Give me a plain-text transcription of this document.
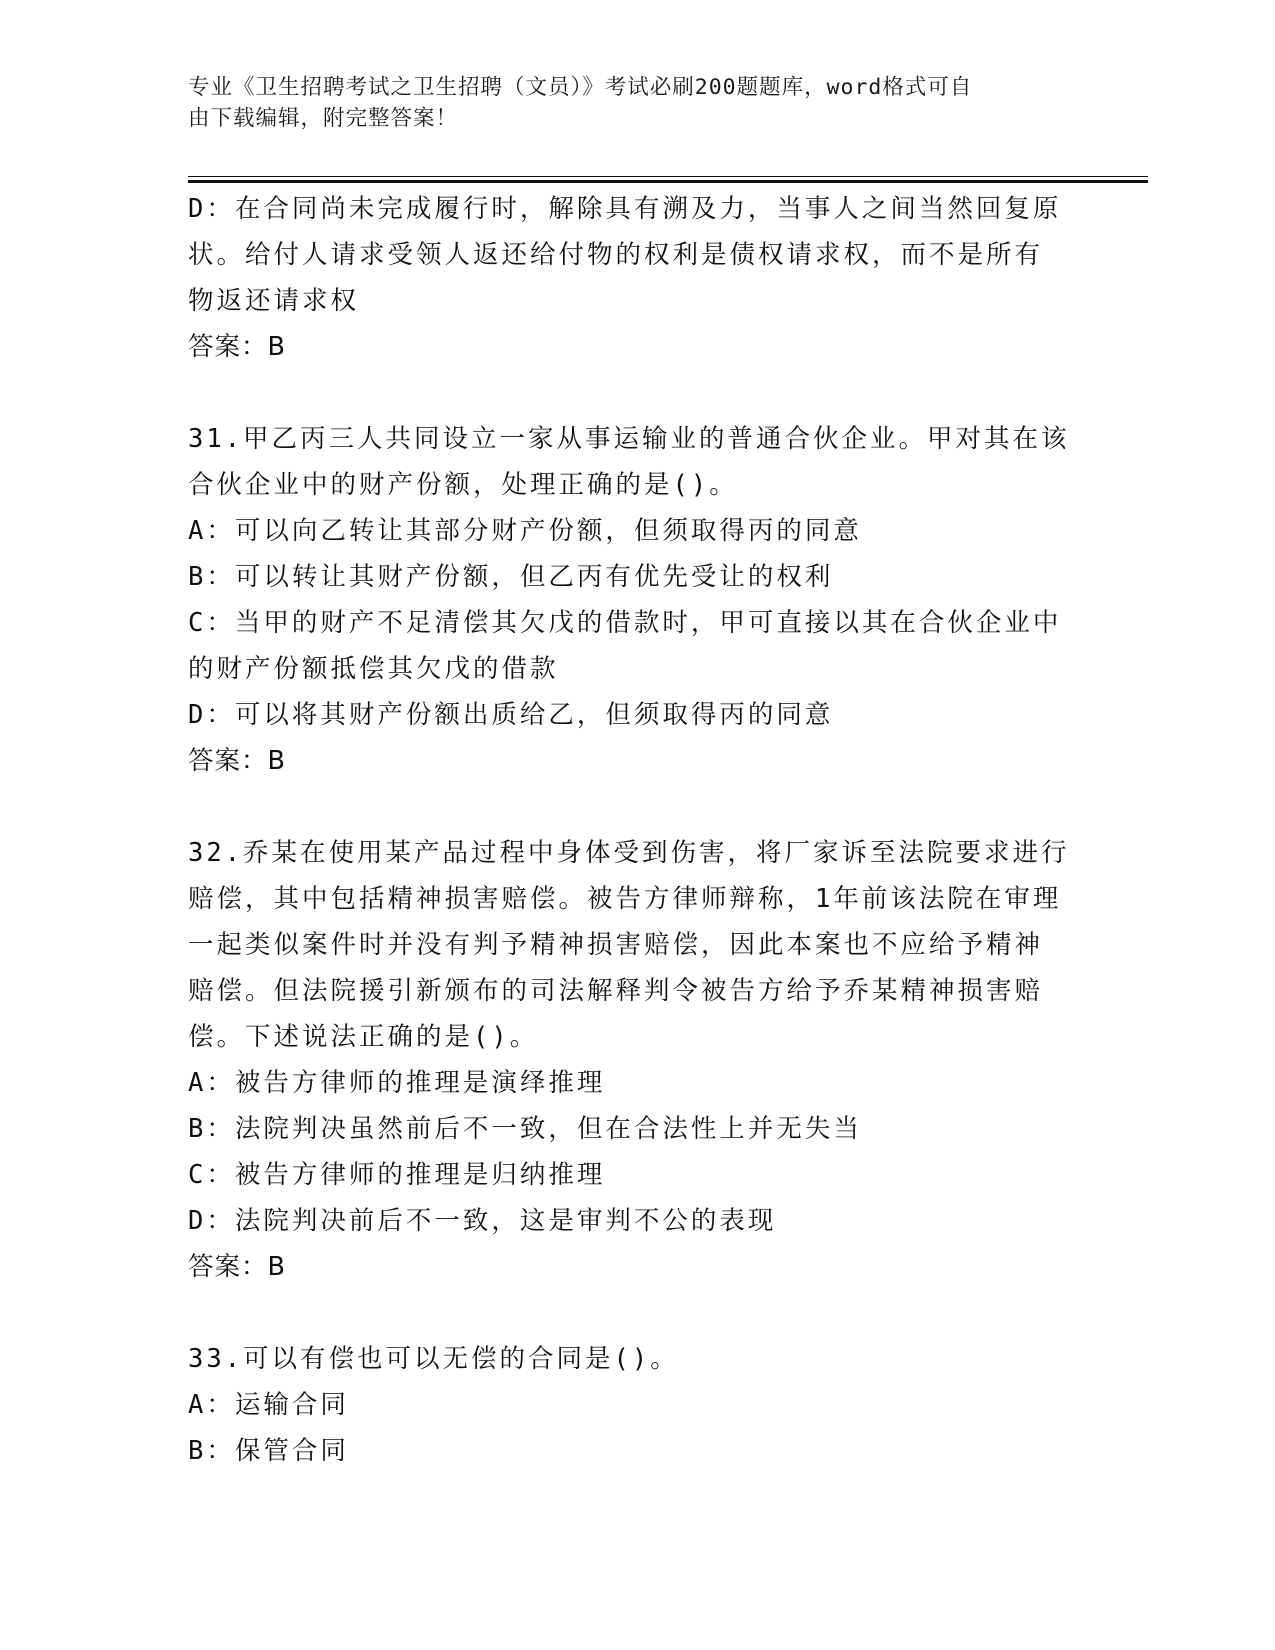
专业《卫生招聘考试之卫生招聘（文员）》考试必刷200题题库，word格式可自
由下载编辑，附完整答案！
D：在合同尚未完成履行时，解除具有溯及力，当事人之间当然回复原
状。给付人请求受领人返还给付物的权利是债权请求权，而不是所有
物返还请求权
答案：B
31.甲乙丙三人共同设立一家从事运输业的普通合伙企业。甲对其在该
合伙企业中的财产份额，处理正确的是()。
A：可以向乙转让其部分财产份额，但须取得丙的同意
B：可以转让其财产份额，但乙丙有优先受让的权利
C：当甲的财产不足清偿其欠戊的借款时，甲可直接以其在合伙企业中
的财产份额抵偿其欠戊的借款
D：可以将其财产份额出质给乙，但须取得丙的同意
答案：B
32.乔某在使用某产品过程中身体受到伤害，将厂家诉至法院要求进行
赔偿，其中包括精神损害赔偿。被告方律师辩称，1年前该法院在审理
一起类似案件时并没有判予精神损害赔偿，因此本案也不应给予精神
赔偿。但法院援引新颁布的司法解释判令被告方给予乔某精神损害赔
偿。下述说法正确的是()。
A：被告方律师的推理是演绎推理
B：法院判决虽然前后不一致，但在合法性上并无失当
C：被告方律师的推理是归纳推理
D：法院判决前后不一致，这是审判不公的表现
答案：B
33.可以有偿也可以无偿的合同是()。
A：运输合同
B：保管合同
